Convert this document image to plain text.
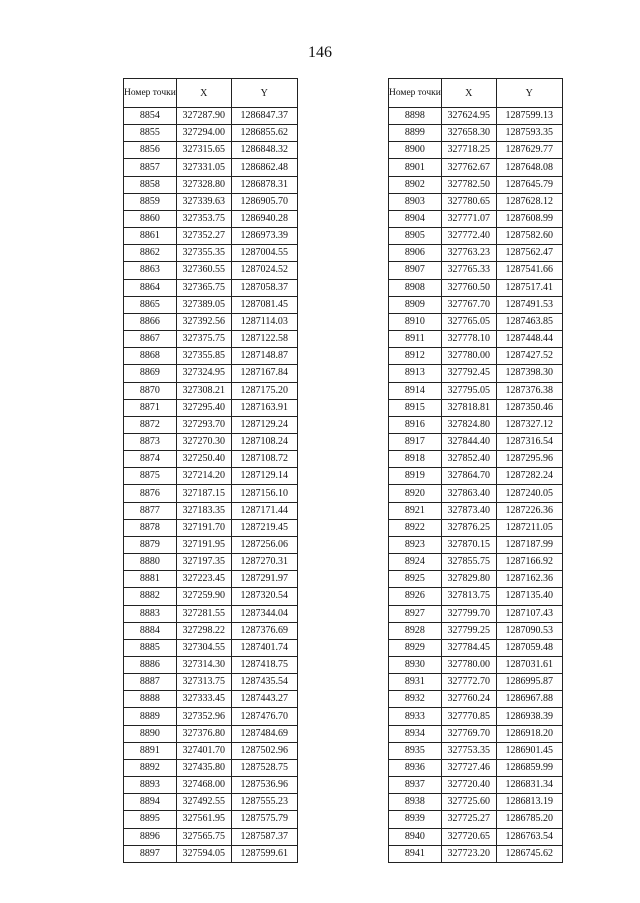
146
Номер точки	X	Y
8854	327287.90	1286847.37
8855	327294.00	1286855.62
8856	327315.65	1286848.32
8857	327331.05	1286862.48
8858	327328.80	1286878.31
8859	327339.63	1286905.70
8860	327353.75	1286940.28
8861	327352.27	1286973.39
8862	327355.35	1287004.55
8863	327360.55	1287024.52
8864	327365.75	1287058.37
8865	327389.05	1287081.45
8866	327392.56	1287114.03
8867	327375.75	1287122.58
8868	327355.85	1287148.87
8869	327324.95	1287167.84
8870	327308.21	1287175.20
8871	327295.40	1287163.91
8872	327293.70	1287129.24
8873	327270.30	1287108.24
8874	327250.40	1287108.72
8875	327214.20	1287129.14
8876	327187.15	1287156.10
8877	327183.35	1287171.44
8878	327191.70	1287219.45
8879	327191.95	1287256.06
8880	327197.35	1287270.31
8881	327223.45	1287291.97
8882	327259.90	1287320.54
8883	327281.55	1287344.04
8884	327298.22	1287376.69
8885	327304.55	1287401.74
8886	327314.30	1287418.75
8887	327313.75	1287435.54
8888	327333.45	1287443.27
8889	327352.96	1287476.70
8890	327376.80	1287484.69
8891	327401.70	1287502.96
8892	327435.80	1287528.75
8893	327468.00	1287536.96
8894	327492.55	1287555.23
8895	327561.95	1287575.79
8896	327565.75	1287587.37
8897	327594.05	1287599.61
Номер точки	X	Y
8898	327624.95	1287599.13
8899	327658.30	1287593.35
8900	327718.25	1287629.77
8901	327762.67	1287648.08
8902	327782.50	1287645.79
8903	327780.65	1287628.12
8904	327771.07	1287608.99
8905	327772.40	1287582.60
8906	327763.23	1287562.47
8907	327765.33	1287541.66
8908	327760.50	1287517.41
8909	327767.70	1287491.53
8910	327765.05	1287463.85
8911	327778.10	1287448.44
8912	327780.00	1287427.52
8913	327792.45	1287398.30
8914	327795.05	1287376.38
8915	327818.81	1287350.46
8916	327824.80	1287327.12
8917	327844.40	1287316.54
8918	327852.40	1287295.96
8919	327864.70	1287282.24
8920	327863.40	1287240.05
8921	327873.40	1287226.36
8922	327876.25	1287211.05
8923	327870.15	1287187.99
8924	327855.75	1287166.92
8925	327829.80	1287162.36
8926	327813.75	1287135.40
8927	327799.70	1287107.43
8928	327799.25	1287090.53
8929	327784.45	1287059.48
8930	327780.00	1287031.61
8931	327772.70	1286995.87
8932	327760.24	1286967.88
8933	327770.85	1286938.39
8934	327769.70	1286918.20
8935	327753.35	1286901.45
8936	327727.46	1286859.99
8937	327720.40	1286831.34
8938	327725.60	1286813.19
8939	327725.27	1286785.20
8940	327720.65	1286763.54
8941	327723.20	1286745.62
